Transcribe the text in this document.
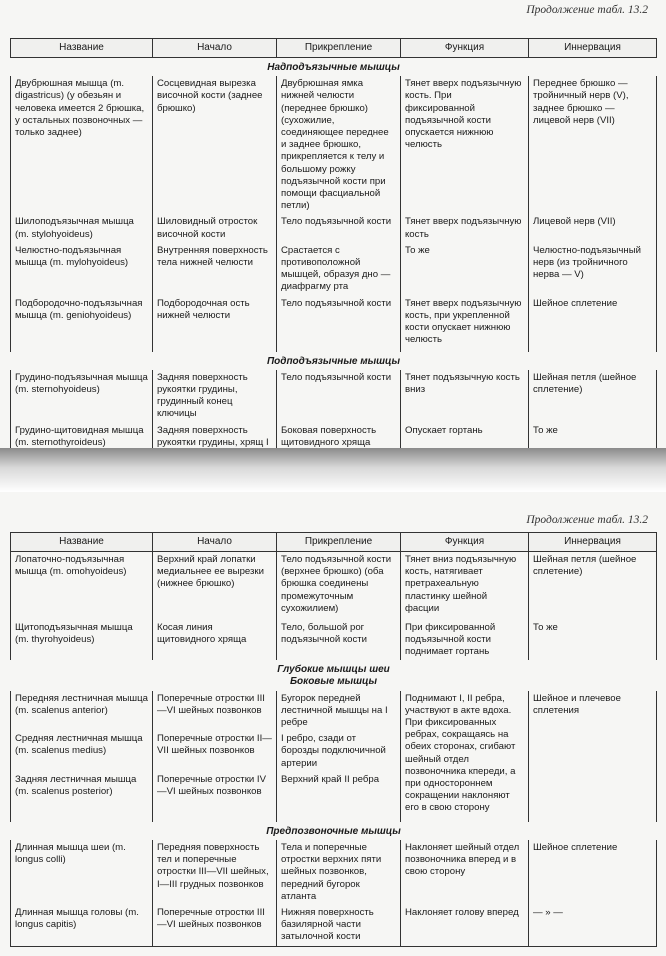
Продолжение табл. 13.2
Название	Начало	Прикрепление	Функция	Иннервация
Надподъязычные мышцы				
Двубрюшная мышца (m. digastricus) (у обезьян и человека имеется 2 брюшка, у остальных позвоночных — только заднее)	Сосцевидная вырезка височной кости (заднее брюшко)	Двубрюшная ямка нижней челюсти (переднее брюшко) (сухожилие, соединяющее переднее и заднее брюшко, прикрепляется к телу и большому рожку подъязычной кости при помощи фасциальной петли)	Тянет вверх подъязычную кость. При фиксированной подъязычной кости опускается нижнюю челюсть	Переднее брюшко — тройничный нерв (V), заднее брюшко — лицевой нерв (VII)
Шилоподъязычная мышца (m. stylohyoideus)	Шиловидный отросток височной кости	Тело подъязычной кости	Тянет вверх подъязычную кость	Лицевой нерв (VII)
Челюстно-подъязычная мышца (m. mylohyoideus)	Внутренняя поверхность тела нижней челюсти	Срастается с противоположной мышцей, образуя дно — диафрагму рта	То же	Челюстно-подъязычный нерв (из тройничного нерва — V)
Подбородочно-подъязычная мышца (m. geniohyoideus)	Подбородочная ость нижней челюсти	Тело подъязычной кости	Тянет вверх подъязычную кость, при укрепленной кости опускает нижнюю челюсть	Шейное сплетение
Подподъязычные мышцы				
Грудино-подъязычная мышца (m. sternohyoideus)	Задняя поверхность рукоятки грудины, грудинный конец ключицы	Тело подъязычной кости	Тянет подъязычную кость вниз	Шейная петля (шейное сплетение)
Грудино-щитовидная мышца (m. sternothyroideus)	Задняя поверхность рукоятки грудины, хрящ I	Боковая поверхность щитовидного хряща	Опускает гортань	То же
Продолжение табл. 13.2
Название	Начало	Прикрепление	Функция	Иннервация
Лопаточно-подъязычная мышца (m. omohyoideus)	Верхний край лопатки медиальнее ее вырезки (нижнее брюшко)	Тело подъязычной кости (верхнее брюшко) (оба брюшка соединены промежуточным сухожилием)	Тянет вниз подъязычную кость, натягивает претрахеальную пластинку шейной фасции	Шейная петля (шейное сплетение)
Щитоподъязычная мышца (m. thyrohyoideus)	Косая линия щитовидного хряща	Тело, большой рог подъязычной кости	При фиксированной подъязычной кости поднимает гортань	То же

Глубокие мышцы шеи
Боковые мышцы				

Передняя лестничная мышца (m. scalenus anterior)	Поперечные отростки III—VI шейных позвонков	Бугорок передней лестничной мышцы на I ребре	Поднимают I, II ребра, участвуют в акте вдоха. При фиксированных ребрах, сокращаясь на обеих сторонах, сгибают шейный отдел позвоночника кпереди, а при одностороннем сокращении наклоняют его в свою сторону	Шейное и плечевое сплетения
Средняя лестничная мышца (m. scalenus medius)	Поперечные отростки II—VII шейных позвонков	I ребро, сзади от борозды подключичной артерии		
Задняя лестничная мышца (m. scalenus posterior)	Поперечные отростки IV—VI шейных позвонков	Верхний край II ребра		
Предпозвоночные мышцы				
Длинная мышца шеи (m. longus colli)	Передняя поверхность тел и поперечные отростки III—VII шейных, I—III грудных позвонков	Тела и поперечные отростки верхних пяти шейных позвонков, передний бугорок атланта	Наклоняет шейный отдел позвоночника вперед и в свою сторону	Шейное сплетение
Длинная мышца головы (m. longus capitis)	Поперечные отростки III—VI шейных позвонков	Нижняя поверхность базилярной части затылочной кости	Наклоняет голову вперед	— » —
